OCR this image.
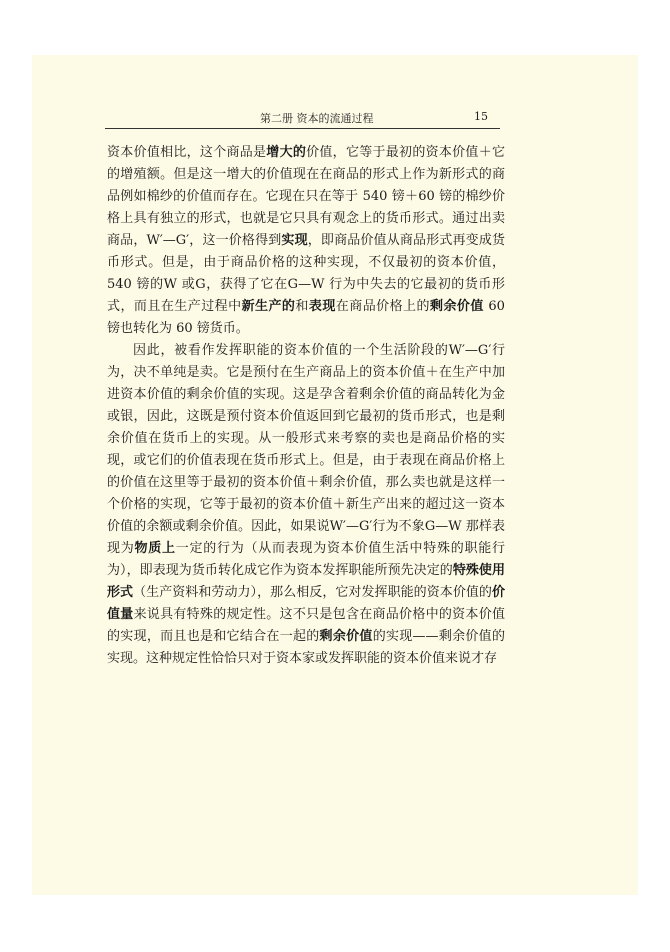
第二册 资本的流通过程	15

资本价值相比，这个商品是增大的价值，它等于最初的资本价值＋它的增殖额。但是这一增大的价值现在在商品的形式上作为新形式的商品例如棉纱的价值而存在。它现在只在等于 540 镑＋60 镑的棉纱价格上具有独立的形式，也就是它只具有观念上的货币形式。通过出卖商品，W′—G′，这一价格得到实现，即商品价值从商品形式再变成货币形式。但是，由于商品价格的这种实现，不仅最初的资本价值，540 镑的W 或G，获得了它在G—W 行为中失去的它最初的货币形式，而且在生产过程中新生产的和表现在商品价格上的剩余价值 60 镑也转化为 60 镑货币。

因此，被看作发挥职能的资本价值的一个生活阶段的W′—G′行为，决不单纯是卖。它是预付在生产商品上的资本价值＋在生产中加进资本价值的剩余价值的实现。这是孕含着剩余价值的商品转化为金或银，因此，这既是预付资本价值返回到它最初的货币形式，也是剩余价值在货币上的实现。从一般形式来考察的卖也是商品价格的实现，或它们的价值表现在货币形式上。但是，由于表现在商品价格上的价值在这里等于最初的资本价值＋剩余价值，那么卖也就是这样一个价格的实现，它等于最初的资本价值＋新生产出来的超过这一资本价值的余额或剩余价值。因此，如果说W′—G′行为不象G—W 那样表现为物质上一定的行为（从而表现为资本价值生活中特殊的职能行为），即表现为货币转化成它作为资本发挥职能所预先决定的特殊使用形式（生产资料和劳动力），那么相反，它对发挥职能的资本价值的价值量来说具有特殊的规定性。这不只是包含在商品价格中的资本价值的实现，而且也是和它结合在一起的剩余价值的实现——剩余价值的实现。这种规定性恰恰只对于资本家或发挥职能的资本价值来说才存
